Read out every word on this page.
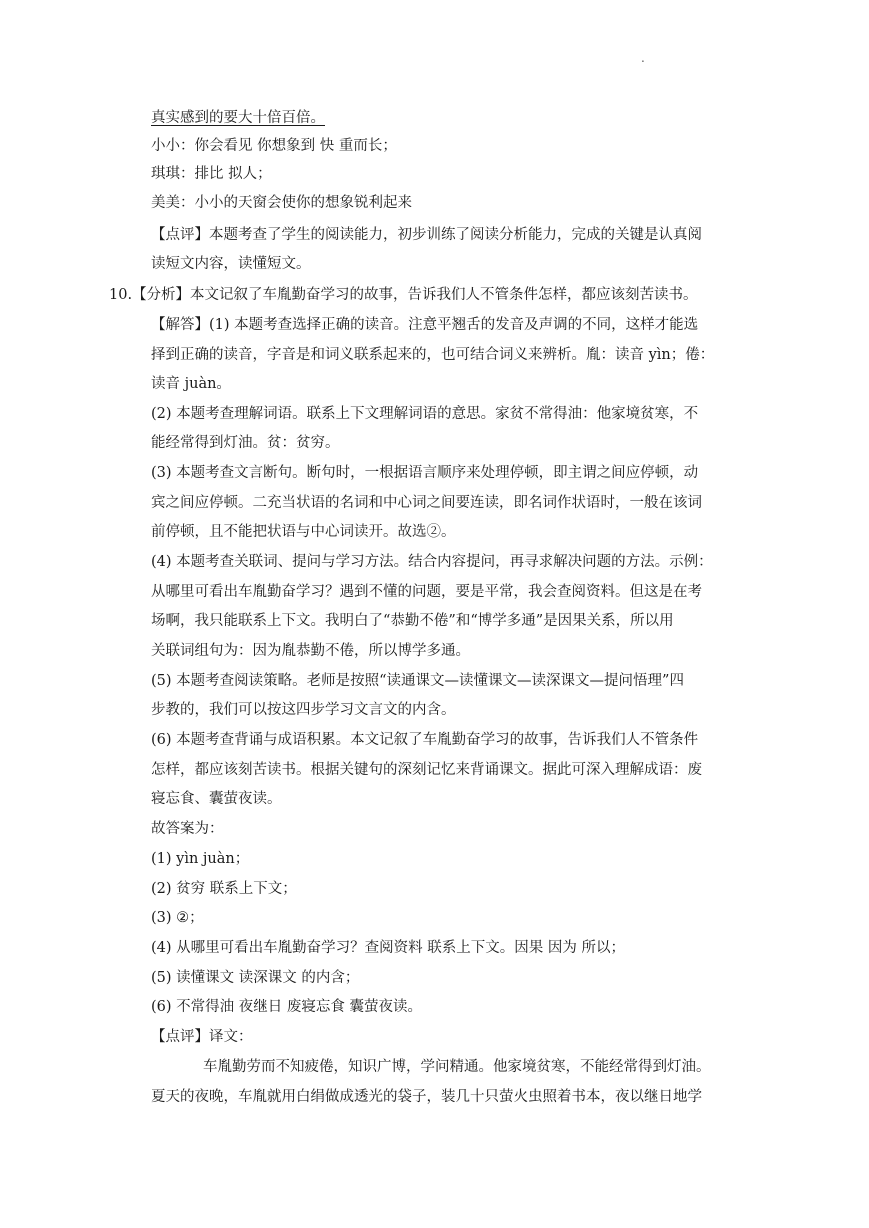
.
真实感到的要大十倍百倍。
小小：你会看见 你想象到 快 重而长；
琪琪：排比 拟人；
美美：小小的天窗会使你的想象锐利起来
【点评】本题考查了学生的阅读能力，初步训练了阅读分析能力，完成的关键是认真阅
读短文内容，读懂短文。
10.【分析】本文记叙了车胤勤奋学习的故事，告诉我们人不管条件怎样，都应该刻苦读书。
【解答】(1) 本题考查选择正确的读音。注意平翘舌的发音及声调的不同，这样才能选
择到正确的读音，字音是和词义联系起来的，也可结合词义来辨析。胤：读音 yìn；倦：
读音 juàn。
(2) 本题考查理解词语。联系上下文理解词语的意思。家贫不常得油：他家境贫寒，不
能经常得到灯油。贫：贫穷。
(3) 本题考查文言断句。断句时，一根据语言顺序来处理停顿，即主谓之间应停顿，动
宾之间应停顿。二充当状语的名词和中心词之间要连读，即名词作状语时，一般在该词
前停顿，且不能把状语与中心词读开。故选②。
(4) 本题考查关联词、提问与学习方法。结合内容提问，再寻求解决问题的方法。示例：
从哪里可看出车胤勤奋学习？遇到不懂的问题，要是平常，我会查阅资料。但这是在考
场啊，我只能联系上下文。我明白了“恭勤不倦”和“博学多通”是因果关系，所以用
关联词组句为：因为胤恭勤不倦，所以博学多通。
(5) 本题考查阅读策略。老师是按照“读通课文—读懂课文—读深课文—提问悟理”四
步教的，我们可以按这四步学习文言文的内含。
(6) 本题考查背诵与成语积累。本文记叙了车胤勤奋学习的故事，告诉我们人不管条件
怎样，都应该刻苦读书。根据关键句的深刻记忆来背诵课文。据此可深入理解成语：废
寝忘食、囊萤夜读。
故答案为：
(1) yìn juàn；
(2) 贫穷 联系上下文；
(3) ②；
(4) 从哪里可看出车胤勤奋学习？查阅资料 联系上下文。因果 因为 所以；
(5) 读懂课文 读深课文 的内含；
(6) 不常得油 夜继日 废寝忘食 囊萤夜读。
【点评】译文：
车胤勤劳而不知疲倦，知识广博，学问精通。他家境贫寒，不能经常得到灯油。
夏天的夜晚，车胤就用白绢做成透光的袋子，装几十只萤火虫照着书本，夜以继日地学
